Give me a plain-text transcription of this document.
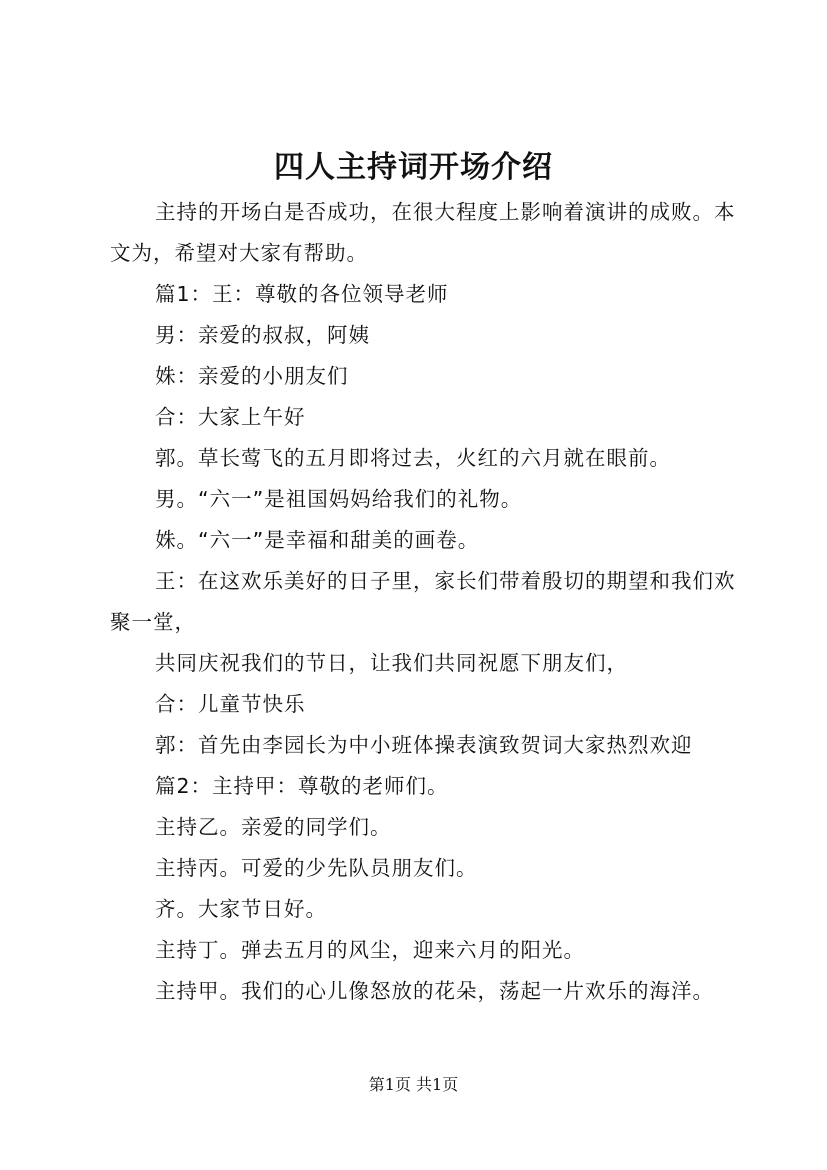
四人主持词开场介绍

主持的开场白是否成功，在很大程度上影响着演讲的成败。本文为，希望对大家有帮助。

篇1：王：尊敬的各位领导老师

男：亲爱的叔叔，阿姨

姝：亲爱的小朋友们

合：大家上午好

郭。草长莺飞的五月即将过去，火红的六月就在眼前。

男。“六一”是祖国妈妈给我们的礼物。

姝。“六一”是幸福和甜美的画卷。

王：在这欢乐美好的日子里，家长们带着殷切的期望和我们欢聚一堂，

共同庆祝我们的节日，让我们共同祝愿下朋友们，

合：儿童节快乐

郭：首先由李园长为中小班体操表演致贺词大家热烈欢迎

篇2：主持甲：尊敬的老师们。

主持乙。亲爱的同学们。

主持丙。可爱的少先队员朋友们。

齐。大家节日好。

主持丁。弹去五月的风尘，迎来六月的阳光。

主持甲。我们的心儿像怒放的花朵，荡起一片欢乐的海洋。

第1页 共1页
